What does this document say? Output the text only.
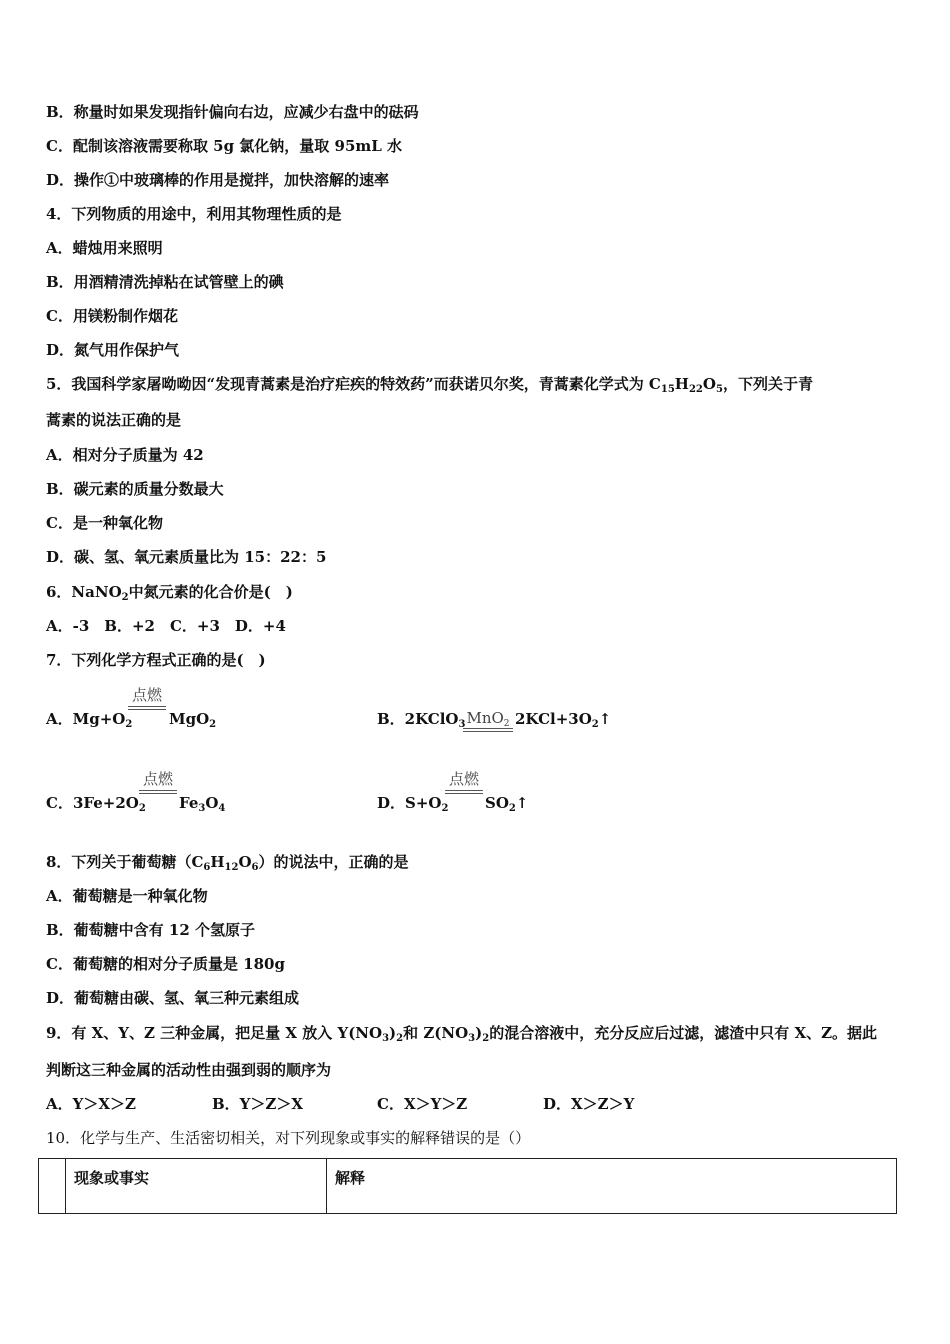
B．称量时如果发现指针偏向右边，应减少右盘中的砝码
C．配制该溶液需要称取 5g 氯化钠，量取 95mL 水
D．操作①中玻璃棒的作用是搅拌，加快溶解的速率
4．下列物质的用途中，利用其物理性质的是
A．蜡烛用来照明
B．用酒精清洗掉粘在试管壁上的碘
C．用镁粉制作烟花
D．氮气用作保护气
5．我国科学家屠呦呦因“发现青蒿素是治疗疟疾的特效药”而获诺贝尔奖，青蒿素化学式为 $C_{15}H_{22}O_5$，下列关于青
蒿素的说法正确的是
A．相对分子质量为 42
B．碳元素的质量分数最大
C．是一种氧化物
D．碳、氢、氧元素质量比为 15：22：5
6．NaNO$_2$中氮元素的化合价是(　)
A．-3　B．+2　C．+3　D．+4
7．下列化学方程式正确的是(　)
A．$Mg+O_2$
点燃
MgO$_2$	B．2KClO$_3$ MnO$_2$ $2KCl+3O_2↑$
C．$3Fe+2O_2$
点燃
$Fe_3O_4$	D．$S+O_2$
点燃
$SO_2↑$
8．下列关于葡萄糖$(C_6H_{12}O_6)$的说法中，正确的是
A．葡萄糖是一种氧化物
B．葡萄糖中含有 12 个氢原子
C．葡萄糖的相对分子质量是 180g
D．葡萄糖由碳、氢、氧三种元素组成
9．有 X、Y、Z 三种金属，把足量 X 放入 $Y(NO_3)_2$和 $Z(NO_3)_2$的混合溶液中，充分反应后过滤，滤渣中只有 X、Z。据此
判断这三种金属的活动性由强到弱的顺序为
A．Y＞X＞Z	B．Y＞Z＞X	C．X＞Y＞Z	D．X＞Z＞Y
10．化学与生产、生活密切相关，对下列现象或事实的解释错误的是（）
	现象或事实	解释
